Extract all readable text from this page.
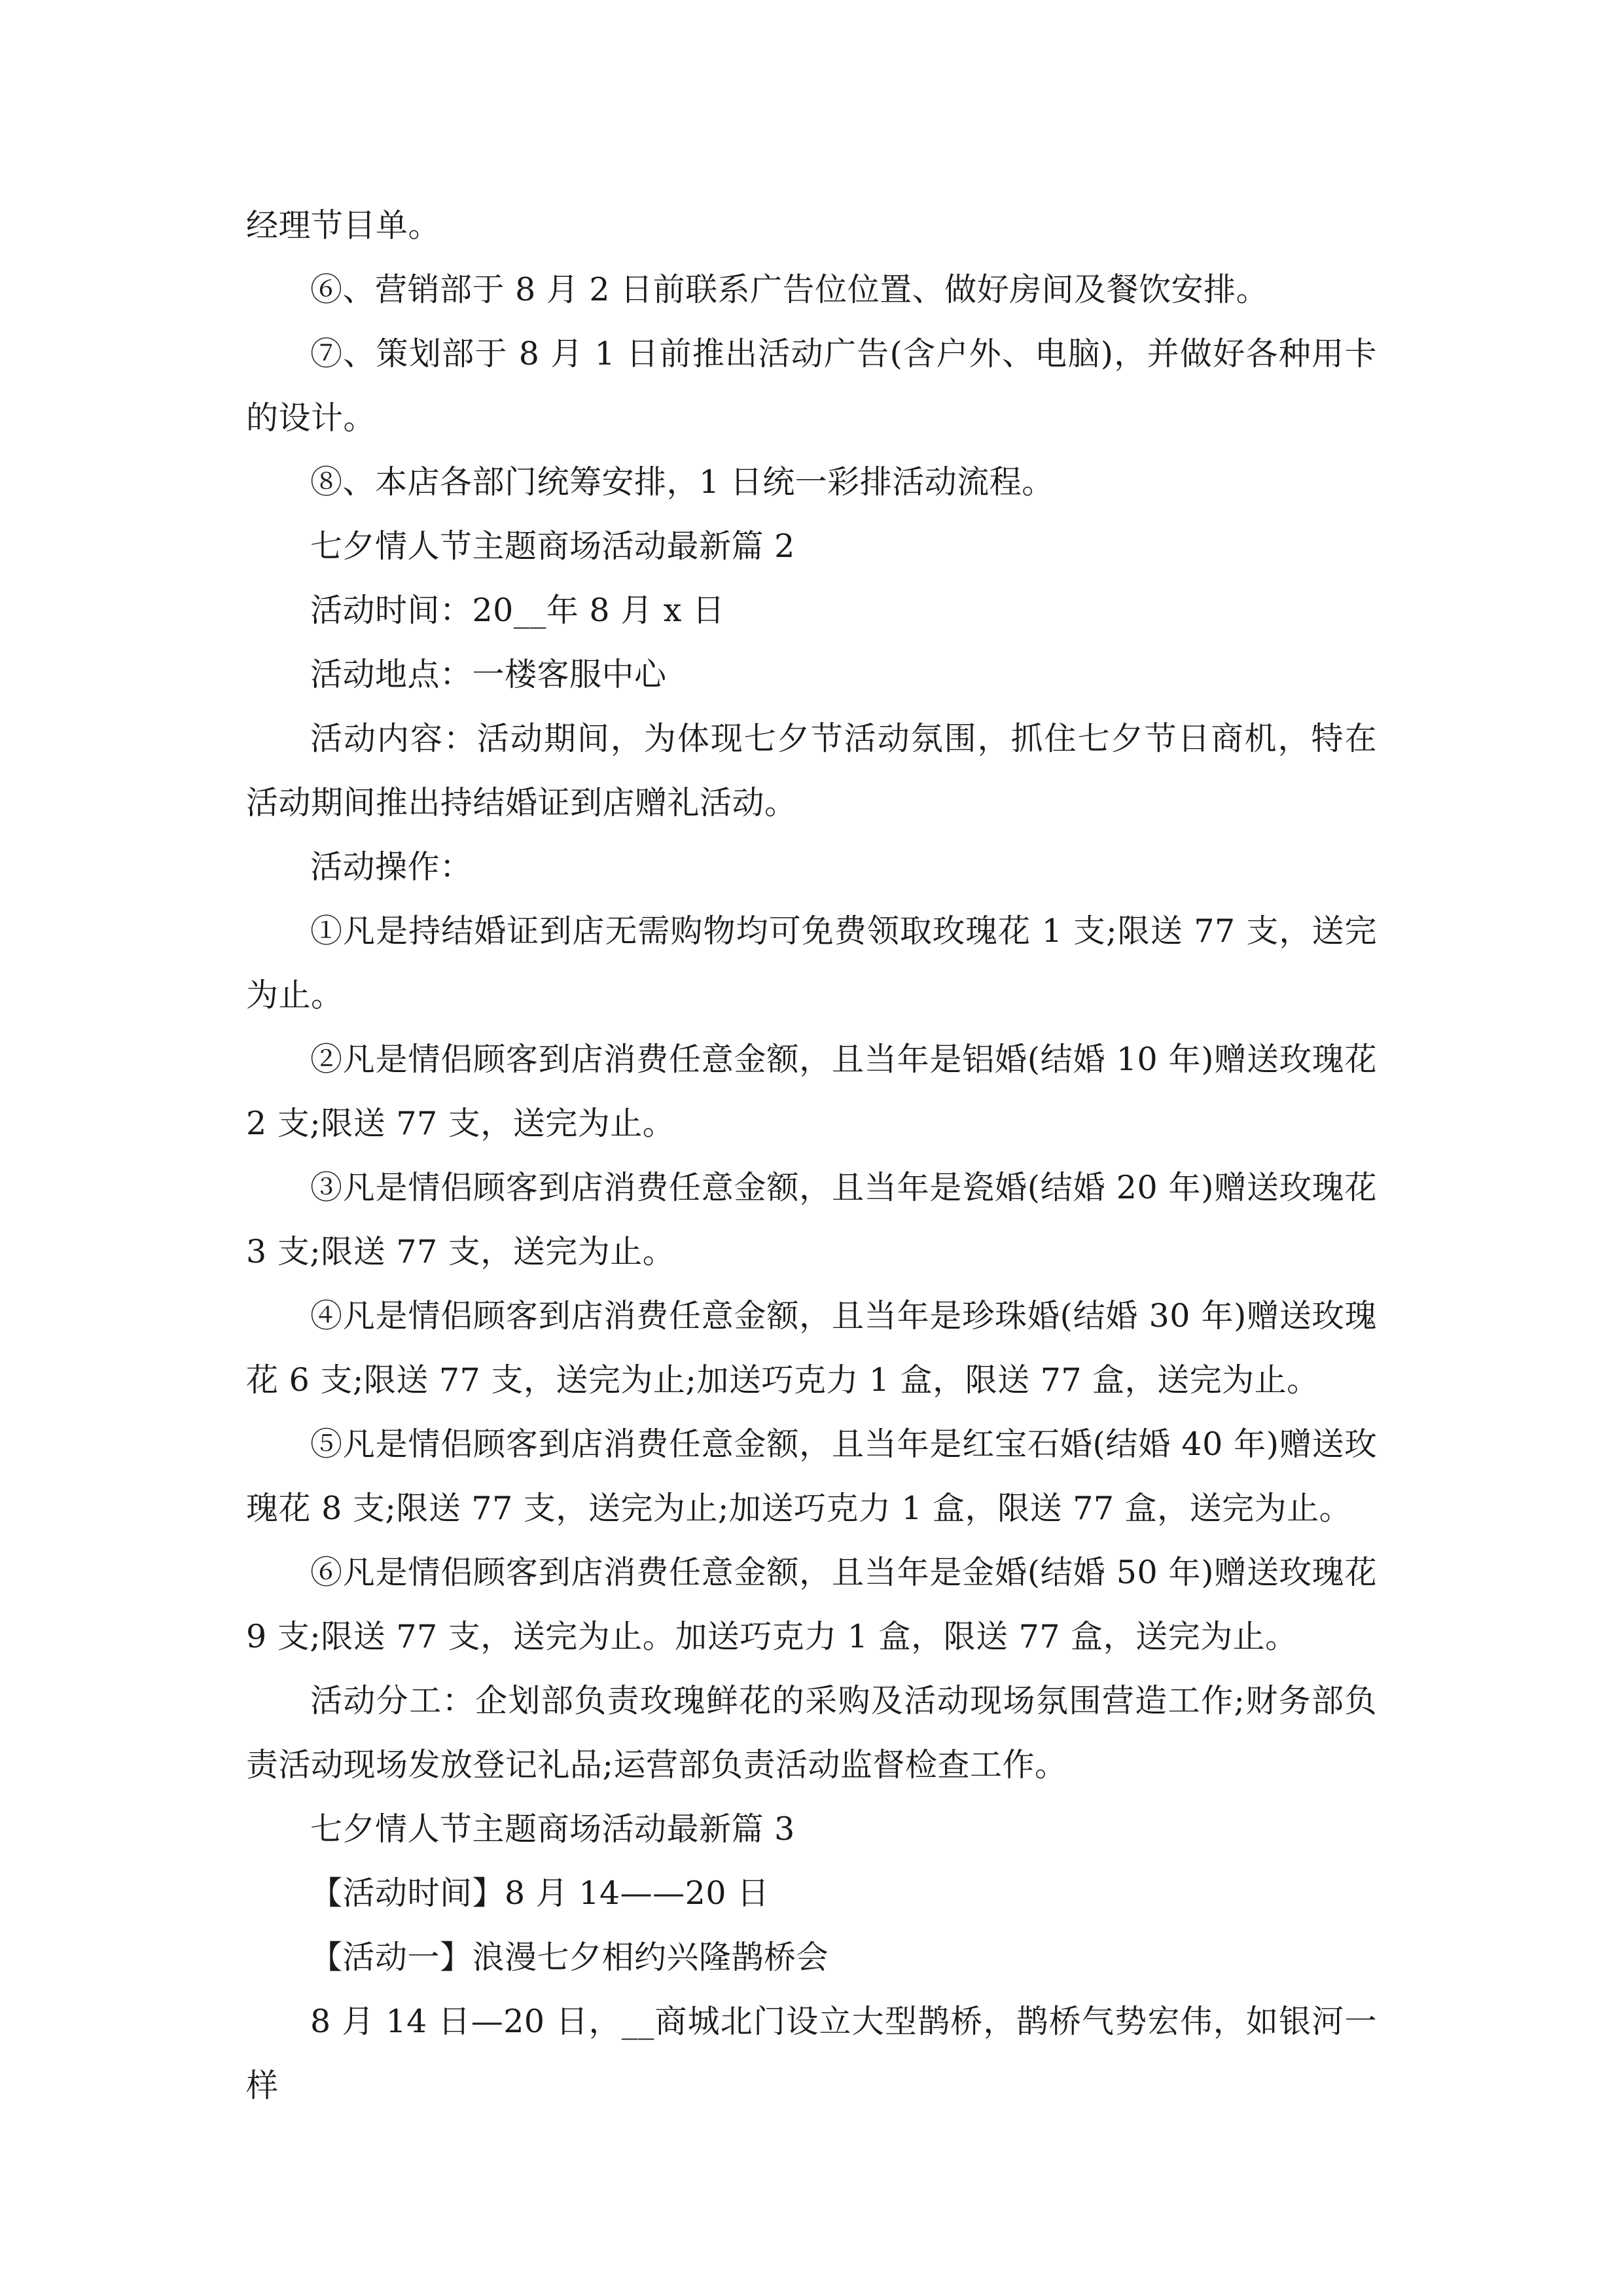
经理节目单。

⑥、营销部于 8 月 2 日前联系广告位位置、做好房间及餐饮安排。

⑦、策划部于 8 月 1 日前推出活动广告(含户外、电脑)，并做好各种用卡的设计。

⑧、本店各部门统筹安排，1 日统一彩排活动流程。

七夕情人节主题商场活动最新篇 2

活动时间：20__年 8 月 x 日

活动地点：一楼客服中心

活动内容：活动期间，为体现七夕节活动氛围，抓住七夕节日商机，特在活动期间推出持结婚证到店赠礼活动。

活动操作：

①凡是持结婚证到店无需购物均可免费领取玫瑰花 1 支;限送 77 支，送完为止。

②凡是情侣顾客到店消费任意金额，且当年是铝婚(结婚 10 年)赠送玫瑰花 2 支;限送 77 支，送完为止。

③凡是情侣顾客到店消费任意金额，且当年是瓷婚(结婚 20 年)赠送玫瑰花 3 支;限送 77 支，送完为止。

④凡是情侣顾客到店消费任意金额，且当年是珍珠婚(结婚 30 年)赠送玫瑰花 6 支;限送 77 支，送完为止;加送巧克力 1 盒，限送 77 盒，送完为止。

⑤凡是情侣顾客到店消费任意金额，且当年是红宝石婚(结婚 40 年)赠送玫瑰花 8 支;限送 77 支，送完为止;加送巧克力 1 盒，限送 77 盒，送完为止。

⑥凡是情侣顾客到店消费任意金额，且当年是金婚(结婚 50 年)赠送玫瑰花 9 支;限送 77 支，送完为止。加送巧克力 1 盒，限送 77 盒，送完为止。

活动分工：企划部负责玫瑰鲜花的采购及活动现场氛围营造工作;财务部负责活动现场发放登记礼品;运营部负责活动监督检查工作。

七夕情人节主题商场活动最新篇 3

【活动时间】8 月 14——20 日

【活动一】浪漫七夕相约兴隆鹊桥会

8 月 14 日—20 日，__商城北门设立大型鹊桥，鹊桥气势宏伟，如银河一样
